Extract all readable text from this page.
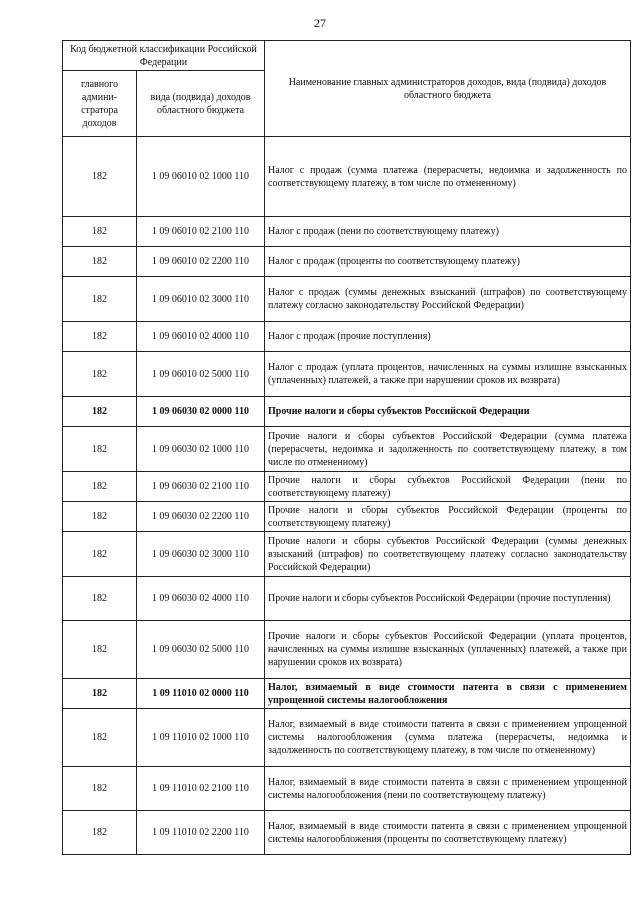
27
Код бюджетной классификации Российской Федерации		Наименование главных администраторов доходов, вида (подвида) доходов областного бюджета
главного админи- стратора доходов	вида (подвида) доходов областного бюджета	
182	1 09 06010 02 1000 110	Налог с продаж (сумма платежа (перерасчеты, недоимка и задолженность по соответствующему платежу, в том числе по отмененному)
182	1 09 06010 02 2100 110	Налог с продаж (пени по соответствующему платежу)
182	1 09 06010 02 2200 110	Налог с продаж (проценты по соответствующему платежу)
182	1 09 06010 02 3000 110	Налог с продаж (суммы денежных взысканий (штрафов) по соответствующему платежу согласно законодательству Российской Федерации)
182	1 09 06010 02 4000 110	Налог с продаж (прочие поступления)
182	1 09 06010 02 5000 110	Налог с продаж (уплата процентов, начисленных на суммы излишне взысканных (уплаченных) платежей, а также при нарушении сроков их возврата)
182	1 09 06030 02 0000 110	Прочие налоги и сборы субъектов Российской Федерации
182	1 09 06030 02 1000 110	Прочие налоги и сборы субъектов Российской Федерации (сумма платежа (перерасчеты, недоимка и задолженность по соответствующему платежу, в том числе по отмененному)
182	1 09 06030 02 2100 110	Прочие налоги и сборы субъектов Российской Федерации (пени по соответствующему платежу)
182	1 09 06030 02 2200 110	Прочие налоги и сборы субъектов Российской Федерации (проценты по соответствующему платежу)
182	1 09 06030 02 3000 110	Прочие налоги и сборы субъектов Российской Федерации (суммы денежных взысканий (штрафов) по соответствующему платежу согласно законодательству Российской Федерации)
182	1 09 06030 02 4000 110	Прочие налоги и сборы субъектов Российской Федерации (прочие поступления)
182	1 09 06030 02 5000 110	Прочие налоги и сборы субъектов Российской Федерации (уплата процентов, начисленных на суммы излишне взысканных (уплаченных) платежей, а также при нарушении сроков их возврата)
182	1 09 11010 02 0000 110	Налог, взимаемый в виде стоимости патента в связи с применением упрощенной системы налогообложения
182	1 09 11010 02 1000 110	Налог, взимаемый в виде стоимости патента в связи с применением упрощенной системы налогообложения (сумма платежа (перерасчеты, недоимка и задолженность по соответствующему платежу, в том числе по отмененному)
182	1 09 11010 02 2100 110	Налог, взимаемый в виде стоимости патента в связи с применением упрощенной системы налогообложения (пени по соответствующему платежу)
182	1 09 11010 02 2200 110	Налог, взимаемый в виде стоимости патента в связи с применением упрощенной системы налогообложения (проценты по соответствующему платежу)
